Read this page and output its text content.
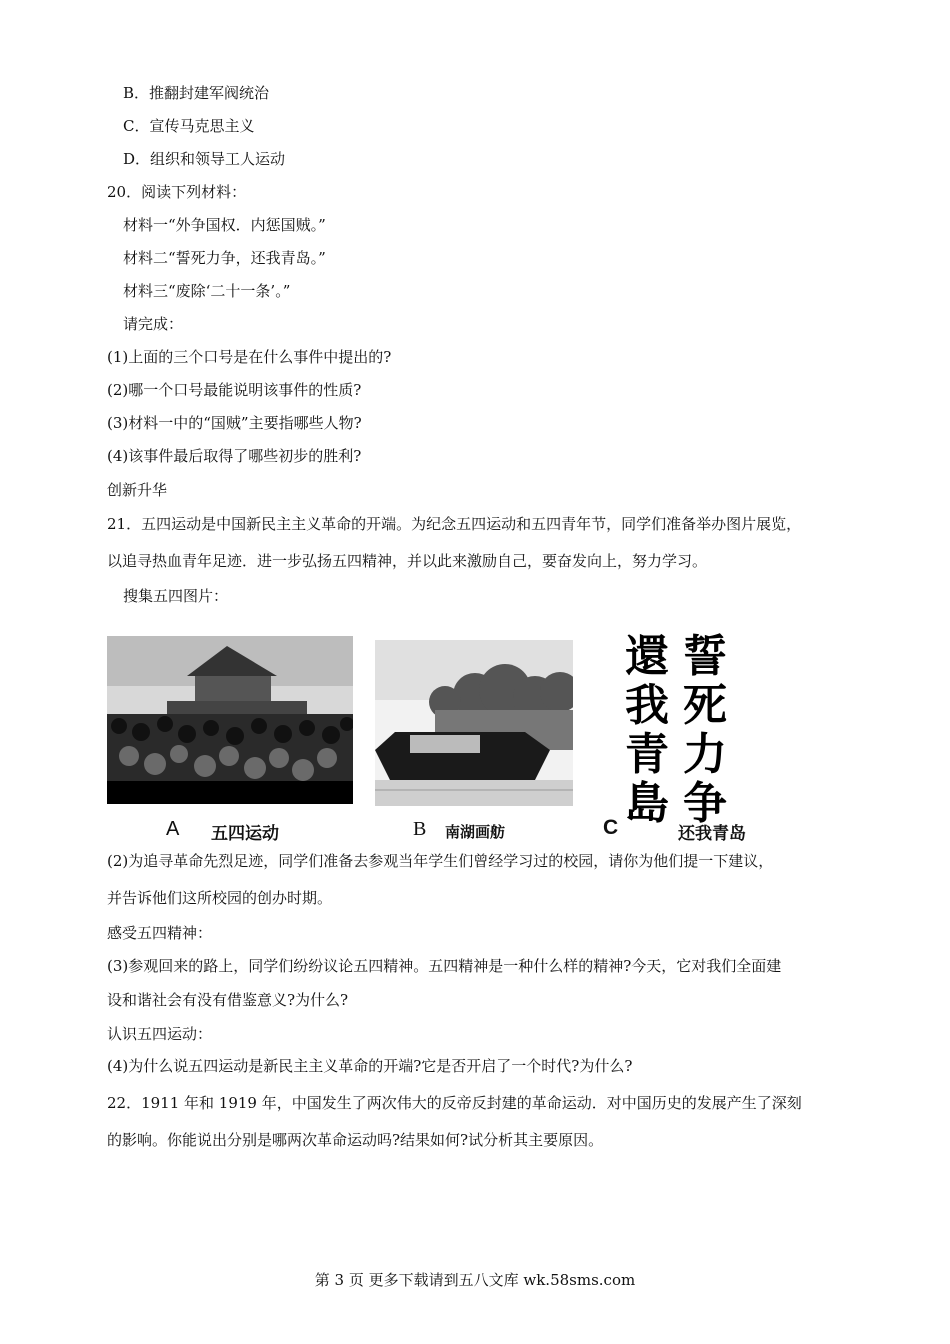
B．推翻封建军阀统治
C．宣传马克思主义
D．组织和领导工人运动
20．阅读下列材料：
材料一“外争国权．内惩国贼。”
材料二“誓死力争，还我青岛。”
材料三“废除‘二十一条’。”
请完成：
(1)上面的三个口号是在什么事件中提出的?
(2)哪一个口号最能说明该事件的性质?
(3)材料一中的“国贼”主要指哪些人物?
(4)该事件最后取得了哪些初步的胜利?
创新升华
21．五四运动是中国新民主主义革命的开端。为纪念五四运动和五四青年节，同学们准备举办图片展览，
以追寻热血青年足迹．进一步弘扬五四精神，并以此来激励自己，要奋发向上，努力学习。
搜集五四图片：
誓死力争
還我青島
A 五四运动	B 南湖画舫	C	还我青岛
(2)为追寻革命先烈足迹，同学们准备去参观当年学生们曾经学习过的校园，请你为他们提一下建议，
并告诉他们这所校园的创办时期。
感受五四精神：
(3)参观回来的路上，同学们纷纷议论五四精神。五四精神是一种什么样的精神?今天，它对我们全面建
设和谐社会有没有借鉴意义?为什么?
认识五四运动：
(4)为什么说五四运动是新民主主义革命的开端?它是否开启了一个时代?为什么?
22．1911 年和 1919 年，中国发生了两次伟大的反帝反封建的革命运动．对中国历史的发展产生了深刻
的影响。你能说出分别是哪两次革命运动吗?结果如何?试分析其主要原因。
第 3 页 更多下载请到五八文库 wk.58sms.com
